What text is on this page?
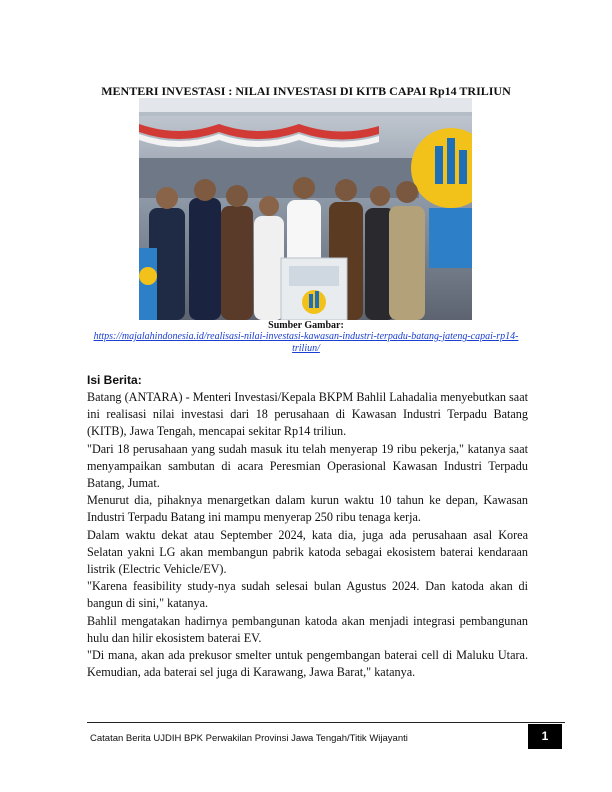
MENTERI INVESTASI : NILAI INVESTASI DI KITB CAPAI Rp14 TRILIUN
Sumber Gambar:
https://majalahindonesia.id/realisasi-nilai-investasi-kawasan-industri-terpadu-batang-jateng-capai-rp14-triliun/
Isi Berita:

Batang (ANTARA) - Menteri Investasi/Kepala BKPM Bahlil Lahadalia menyebutkan saat ini realisasi nilai investasi dari 18 perusahaan di Kawasan Industri Terpadu Batang (KITB), Jawa Tengah, mencapai sekitar Rp14 triliun.

"Dari 18 perusahaan yang sudah masuk itu telah menyerap 19 ribu pekerja," katanya saat menyampaikan sambutan di acara Peresmian Operasional Kawasan Industri Terpadu Batang, Jumat.

Menurut dia, pihaknya menargetkan dalam kurun waktu 10 tahun ke depan, Kawasan Industri Terpadu Batang ini mampu menyerap 250 ribu tenaga kerja.

Dalam waktu dekat atau September 2024, kata dia, juga ada perusahaan asal Korea Selatan yakni LG akan membangun pabrik katoda sebagai ekosistem baterai kendaraan listrik (Electric Vehicle/EV).

"Karena feasibility study-nya sudah selesai bulan Agustus 2024. Dan katoda akan di bangun di sini," katanya.

Bahlil mengatakan hadirnya pembangunan katoda akan menjadi integrasi pembangunan hulu dan hilir ekosistem baterai EV.

"Di mana, akan ada prekusor smelter untuk pengembangan baterai cell di Maluku Utara. Kemudian, ada baterai sel juga di Karawang, Jawa Barat," katanya.

Catatan Berita UJDIH BPK Perwakilan Provinsi Jawa Tengah/Titik Wijayanti	1
